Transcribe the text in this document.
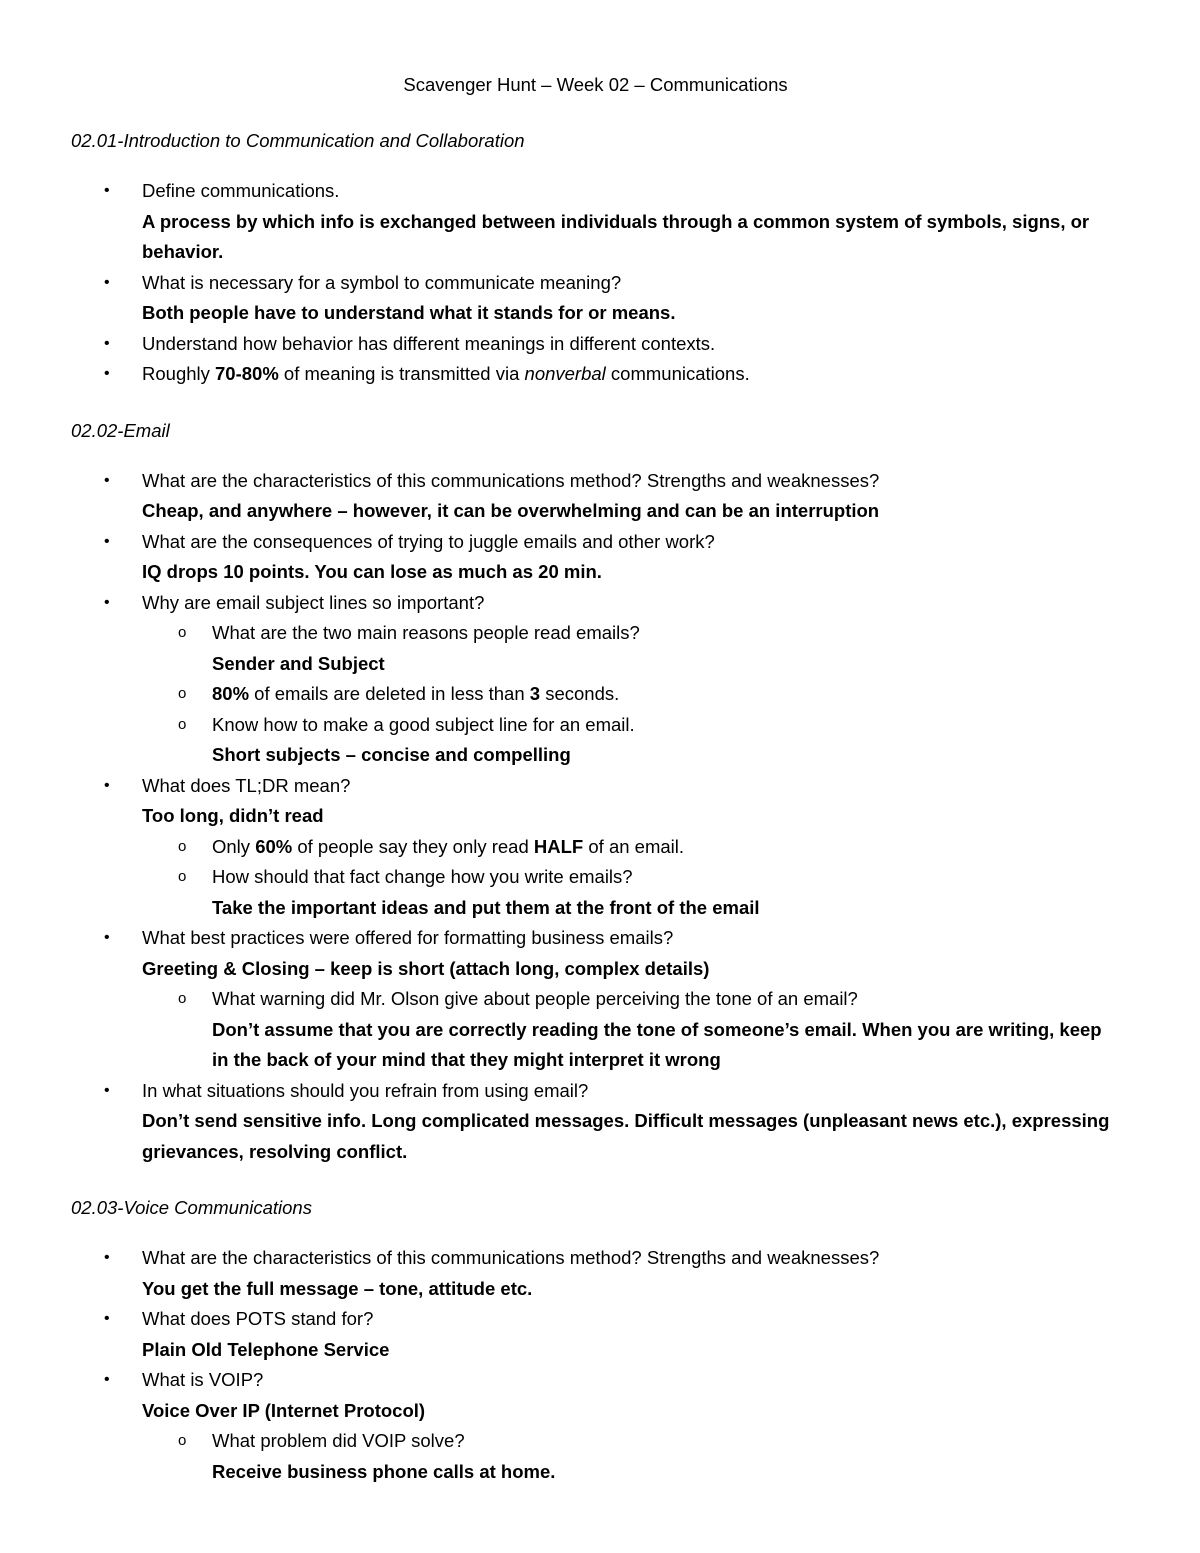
Scavenger Hunt – Week 02 – Communications
02.01-Introduction to Communication and Collaboration
• Define communications.
A process by which info is exchanged between individuals through a common system of symbols, signs, or behavior.
• What is necessary for a symbol to communicate meaning?
Both people have to understand what it stands for or means.
• Understand how behavior has different meanings in different contexts.
• Roughly 70-80% of meaning is transmitted via nonverbal communications.
02.02-Email
• What are the characteristics of this communications method? Strengths and weaknesses?
Cheap, and anywhere – however, it can be overwhelming and can be an interruption
• What are the consequences of trying to juggle emails and other work?
IQ drops 10 points. You can lose as much as 20 min.
• Why are email subject lines so important?
o What are the two main reasons people read emails?
Sender and Subject
o 80% of emails are deleted in less than 3 seconds.
o Know how to make a good subject line for an email.
Short subjects – concise and compelling
• What does TL;DR mean?
Too long, didn’t read
o Only 60% of people say they only read HALF of an email.
o How should that fact change how you write emails?
Take the important ideas and put them at the front of the email
• What best practices were offered for formatting business emails?
Greeting & Closing – keep is short (attach long, complex details)
o What warning did Mr. Olson give about people perceiving the tone of an email?
Don’t assume that you are correctly reading the tone of someone’s email. When you are writing, keep in the back of your mind that they might interpret it wrong
• In what situations should you refrain from using email?
Don’t send sensitive info. Long complicated messages. Difficult messages (unpleasant news etc.), expressing grievances, resolving conflict.
02.03-Voice Communications
• What are the characteristics of this communications method? Strengths and weaknesses?
You get the full message – tone, attitude etc.
• What does POTS stand for?
Plain Old Telephone Service
• What is VOIP?
Voice Over IP (Internet Protocol)
o What problem did VOIP solve?
Receive business phone calls at home.
